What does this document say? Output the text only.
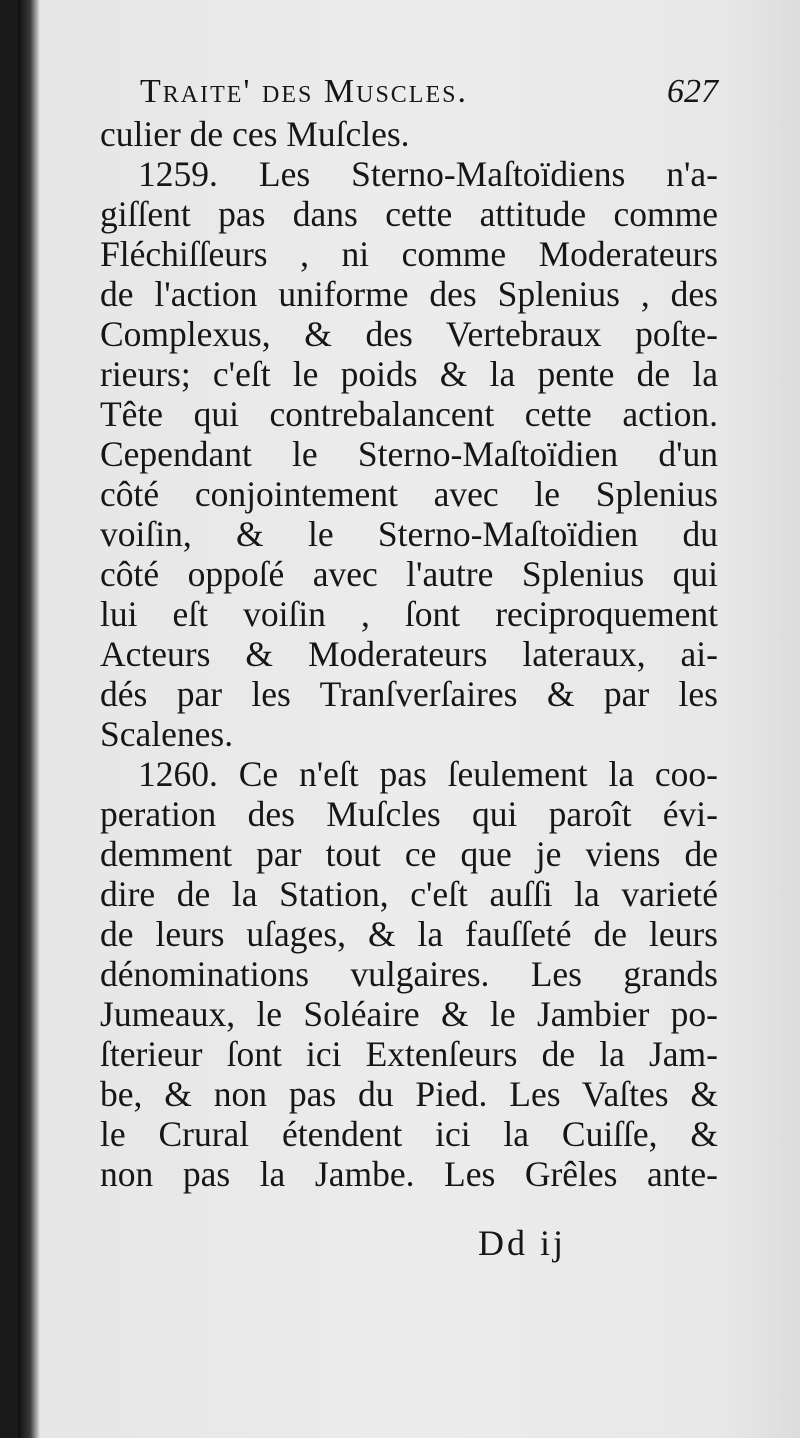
Traite' des Muscles.	627
culier de ces Muſcles.
1259. Les Sterno-Maſtoïdiens n'a-
giſſent pas dans cette attitude comme
Fléchiſſeurs , ni comme Moderateurs
de l'action uniforme des Splenius , des
Complexus, & des Vertebraux poſte-
rieurs; c'eſt le poids & la pente de la
Tête qui contrebalancent cette action.
Cependant le Sterno-Maſtoïdien d'un
côté conjointement avec le Splenius
voiſin, & le Sterno-Maſtoïdien du
côté oppoſé avec l'autre Splenius qui
lui eſt voiſin , ſont reciproquement
Acteurs & Moderateurs lateraux, ai-
dés par les Tranſverſaires & par les
Scalenes.
1260. Ce n'eſt pas ſeulement la coo-
peration des Muſcles qui paroît évi-
demment par tout ce que je viens de
dire de la Station, c'eſt auſſi la varieté
de leurs uſages, & la fauſſeté de leurs
dénominations vulgaires. Les grands
Jumeaux, le Soléaire & le Jambier po-
ſterieur ſont ici Extenſeurs de la Jam-
be, & non pas du Pied. Les Vaſtes &
le Crural étendent ici la Cuiſſe, &
non pas la Jambe. Les Grêles ante-
Dd ij
